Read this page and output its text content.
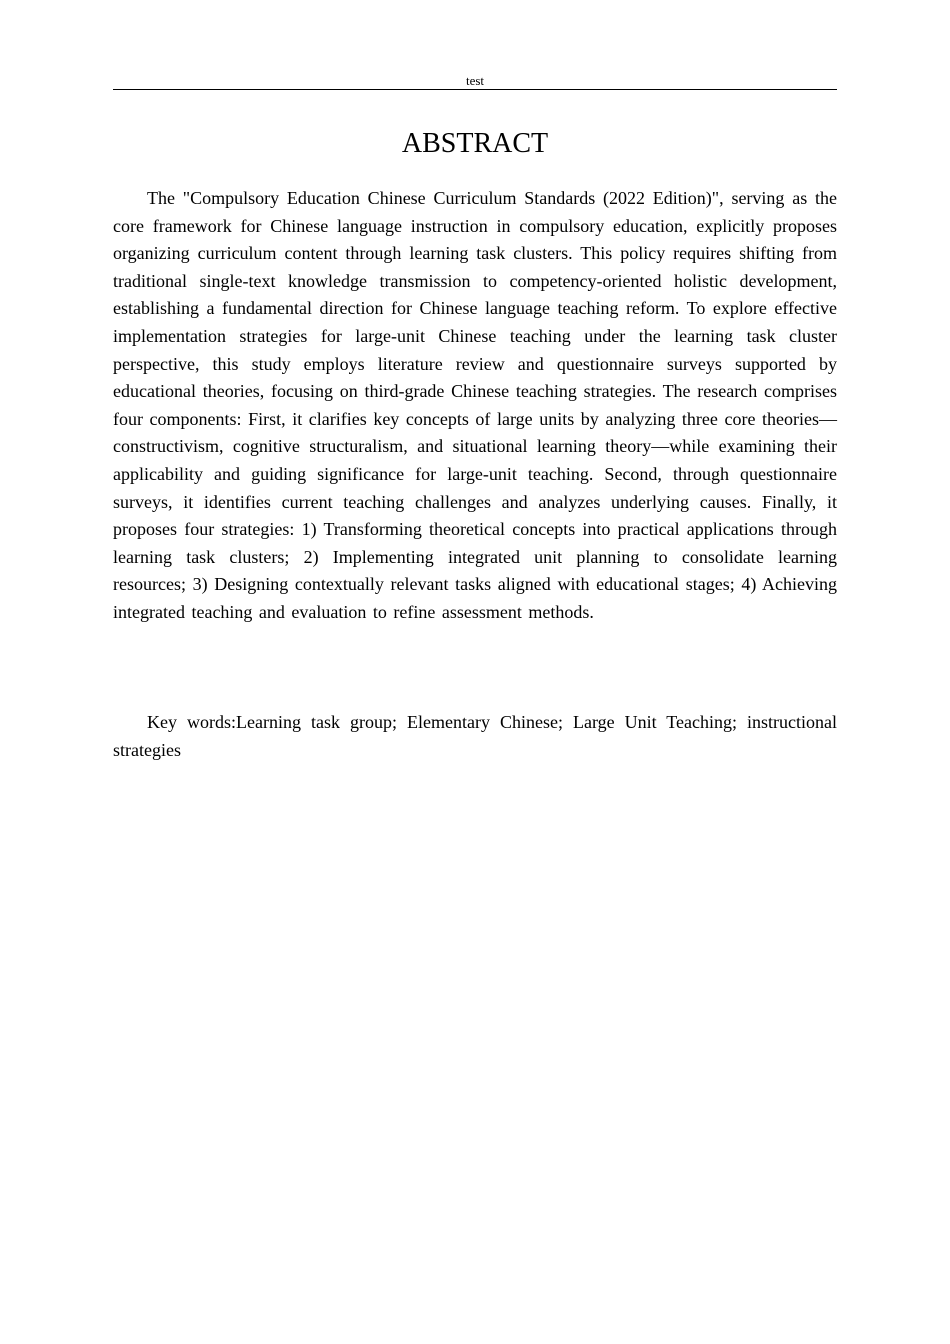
test
ABSTRACT

The "Compulsory Education Chinese Curriculum Standards (2022 Edition)", serving as the core framework for Chinese language instruction in compulsory education, explicitly proposes organizing curriculum content through learning task clusters. This policy requires shifting from traditional single-text knowledge transmission to competency-oriented holistic development, establishing a fundamental direction for Chinese language teaching reform. To explore effective implementation strategies for large-unit Chinese teaching under the learning task cluster perspective, this study employs literature review and questionnaire surveys supported by educational theories, focusing on third-grade Chinese teaching strategies. The research comprises four components: First, it clarifies key concepts of large units by analyzing three core theories—constructivism, cognitive structuralism, and situational learning theory—while examining their applicability and guiding significance for large-unit teaching. Second, through questionnaire surveys, it identifies current teaching challenges and analyzes underlying causes. Finally, it proposes four strategies: 1) Transforming theoretical concepts into practical applications through learning task clusters; 2) Implementing integrated unit planning to consolidate learning resources; 3) Designing contextually relevant tasks aligned with educational stages; 4) Achieving integrated teaching and evaluation to refine assessment methods.

Key words:Learning task group; Elementary Chinese; Large Unit Teaching; instructional strategies
